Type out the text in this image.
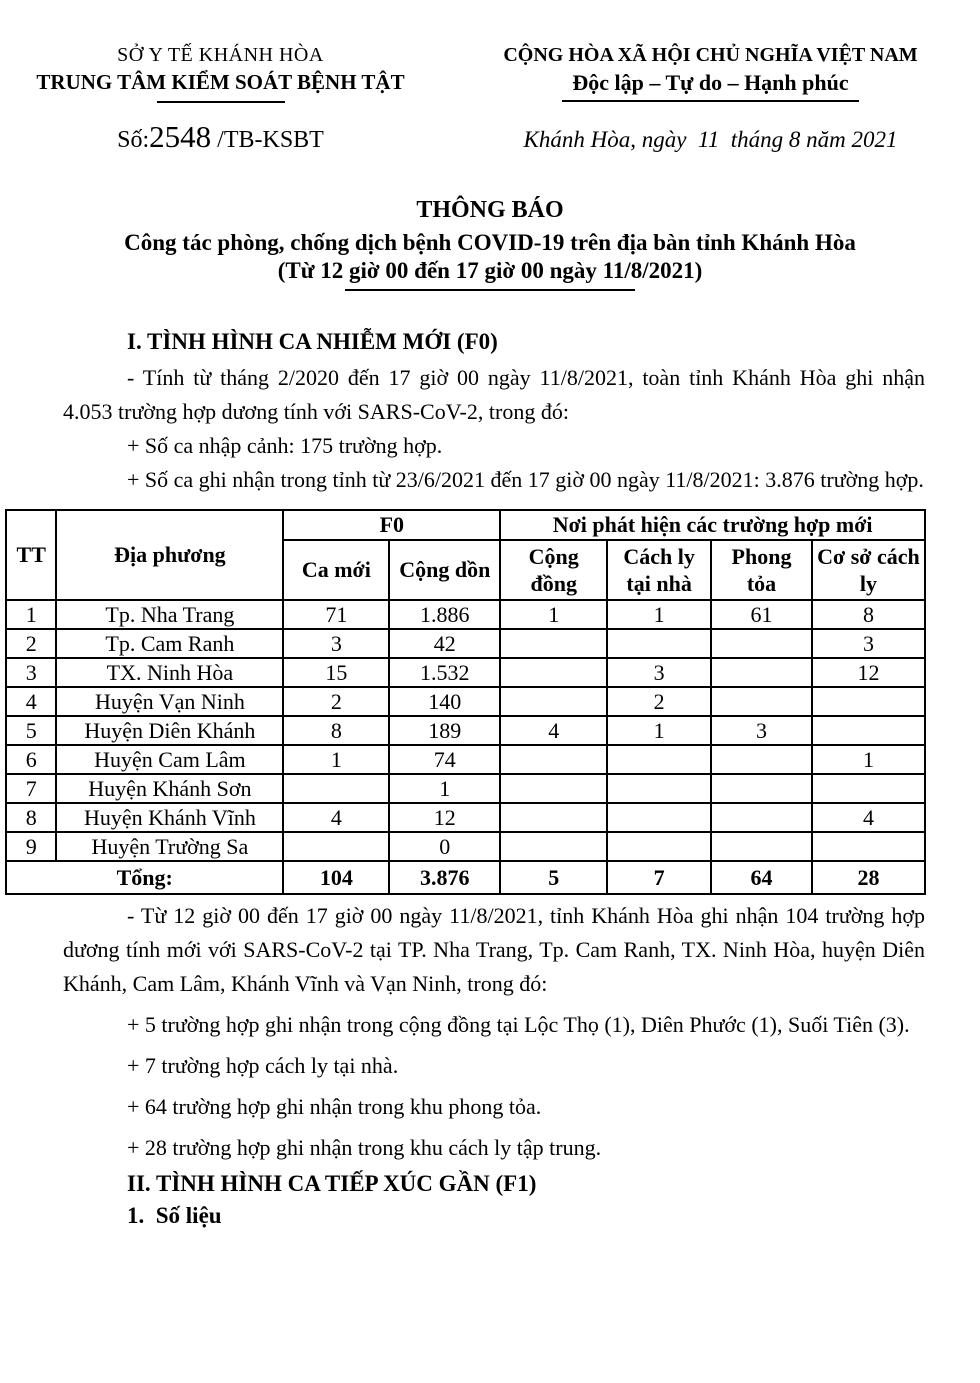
SỞ Y TẾ KHÁNH HÒA
TRUNG TÂM KIỂM SOÁT BỆNH TẬT
CỘNG HÒA XÃ HỘI CHỦ NGHĨA VIỆT NAM
Độc lập – Tự do – Hạnh phúc
Số:2548 /TB-KSBT	Khánh Hòa, ngày  11  tháng 8 năm 2021
THÔNG BÁO
Công tác phòng, chống dịch bệnh COVID-19 trên địa bàn tỉnh Khánh Hòa
(Từ 12 giờ 00 đến 17 giờ 00 ngày 11/8/2021)
I. TÌNH HÌNH CA NHIỄM MỚI (F0)
- Tính từ tháng 2/2020 đến 17 giờ 00 ngày 11/8/2021, toàn tỉnh Khánh Hòa ghi nhận 4.053 trường hợp dương tính với SARS-CoV-2, trong đó:
+ Số ca nhập cảnh: 175 trường hợp.
+ Số ca ghi nhận trong tỉnh từ 23/6/2021 đến 17 giờ 00 ngày 11/8/2021: 3.876 trường hợp.
TT	Địa phương	F0		Nơi phát hiện các trường hợp mới			
		Ca mới	Cộng dồn	Cộng đồng	Cách ly tại nhà	Phong tỏa	Cơ sở cách ly
1	Tp. Nha Trang	71	1.886	1	1	61	8
2	Tp. Cam Ranh	3	42				3
3	TX. Ninh Hòa	15	1.532		3		12
4	Huyện Vạn Ninh	2	140		2		
5	Huyện Diên Khánh	8	189	4	1	3	
6	Huyện Cam Lâm	1	74				1
7	Huyện Khánh Sơn		1				
8	Huyện Khánh Vĩnh	4	12				4
9	Huyện Trường Sa		0				
Tổng:		104	3.876	5	7	64	28
- Từ 12 giờ 00 đến 17 giờ 00 ngày 11/8/2021, tỉnh Khánh Hòa ghi nhận 104 trường hợp dương tính mới với SARS-CoV-2 tại TP. Nha Trang, Tp. Cam Ranh, TX. Ninh Hòa, huyện Diên Khánh, Cam Lâm, Khánh Vĩnh và Vạn Ninh, trong đó:
+ 5 trường hợp ghi nhận trong cộng đồng tại Lộc Thọ (1), Diên Phước (1), Suối Tiên (3).
+ 7 trường hợp cách ly tại nhà.
+ 64 trường hợp ghi nhận trong khu phong tỏa.
+ 28 trường hợp ghi nhận trong khu cách ly tập trung.
II. TÌNH HÌNH CA TIẾP XÚC GẦN (F1)
1.  Số liệu
